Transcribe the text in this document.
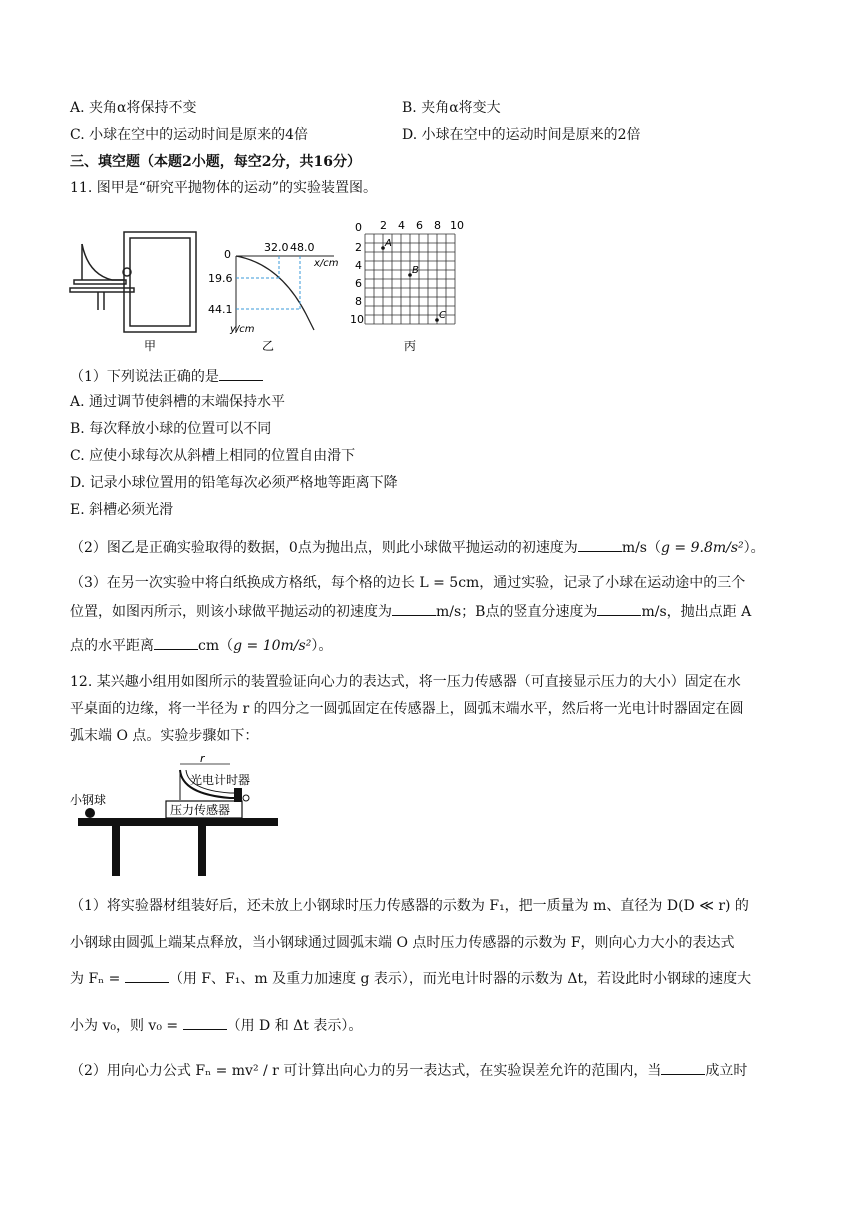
A. 夹角α将保持不变	B. 夹角α将变大
C. 小球在空中的运动时间是原来的4倍	D. 小球在空中的运动时间是原来的2倍
三、填空题（本题2小题，每空2分，共16分）
11. 图甲是“研究平抛物体的运动”的实验装置图。
甲
0
32.0 48.0
x/cm
19.6
44.1
y/cm
乙
0 2 4 6 8 10
2
4
6
8
10
A
B
C
丙
（1）下列说法正确的是
A. 通过调节使斜槽的末端保持水平
B. 每次释放小球的位置可以不同
C. 应使小球每次从斜槽上相同的位置自由滑下
D. 记录小球位置用的铅笔每次必须严格地等距离下降
E. 斜槽必须光滑
（2）图乙是正确实验取得的数据，0点为抛出点，则此小球做平抛运动的初速度为	m/s（g = 9.8m/s²）。
（3）在另一次实验中将白纸换成方格纸，每个格的边长 L = 5cm，通过实验，记录了小球在运动途中的三个
位置，如图丙所示，则该小球做平抛运动的初速度为	m/s；B点的竖直分速度为	m/s，抛出点距 A
点的水平距离	cm（g = 10m/s²）。
12. 某兴趣小组用如图所示的装置验证向心力的表达式，将一压力传感器（可直接显示压力的大小）固定在水
平桌面的边缘，将一半径为 r 的四分之一圆弧固定在传感器上，圆弧末端水平，然后将一光电计时器固定在圆
弧末端 O 点。实验步骤如下：
小钢球
r
光电计时器
压力传感器
（1）将实验器材组装好后，还未放上小钢球时压力传感器的示数为 F₁，把一质量为 m、直径为 D(D ≪ r) 的
小钢球由圆弧上端某点释放，当小钢球通过圆弧末端 O 点时压力传感器的示数为 F，则向心力大小的表达式
为 Fₙ =	（用 F、F₁、m 及重力加速度 g 表示），而光电计时器的示数为 Δt，若设此时小钢球的速度大
小为 v₀，则 v₀ =	（用 D 和 Δt 表示）。
（2）用向心力公式 Fₙ = mv² / r 可计算出向心力的另一表达式，在实验误差允许的范围内，当	成立时
